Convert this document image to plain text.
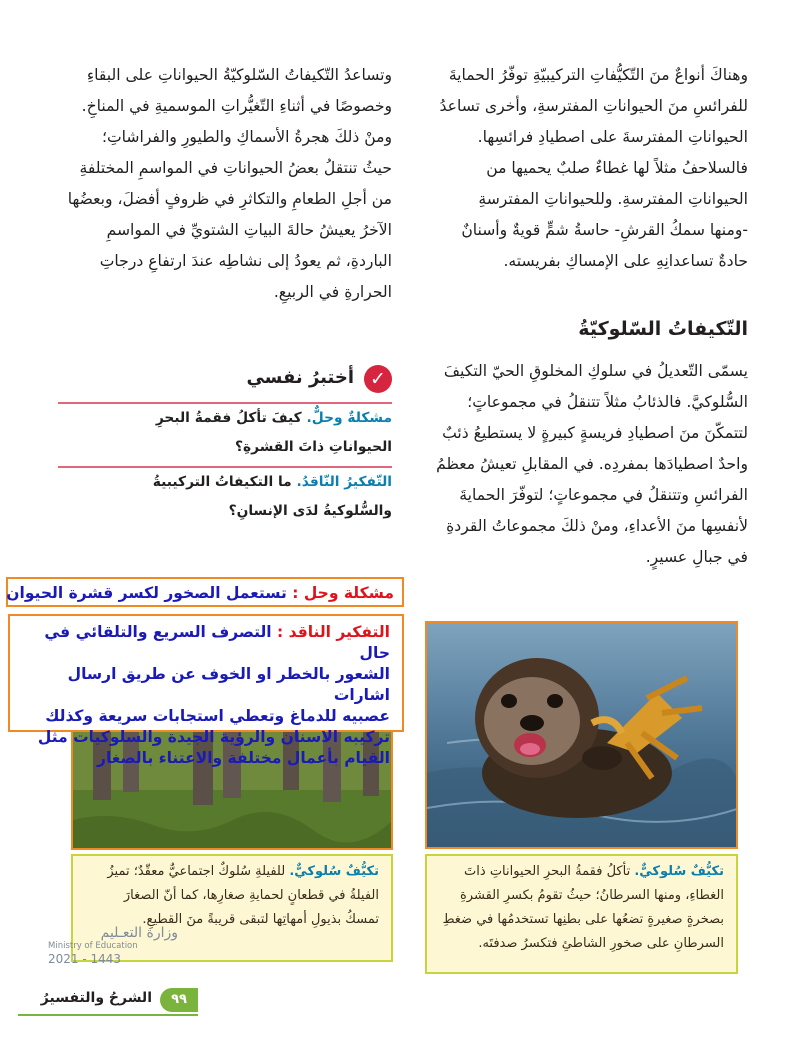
وهناكَ أنواعٌ منَ التّكيُّفاتِ التركيبيّةِ توفّرُ الحمايةَ

للفرائسِ منَ الحيواناتِ المفترسةِ، وأخرى تساعدُ

الحيواناتِ المفترسةَ على اصطيادِ فرائسِها.

فالسلاحفُ مثلاً لها غطاءٌ صلبٌ يحميها من

الحيواناتِ المفترسةِ. وللحيواناتِ المفترسةِ

-ومنها سمكُ القرشِ- حاسةُ شمٍّ قويةٌ وأسنانٌ

حادةٌ تساعدانِهِ على الإمساكِ بفريسته.

التّكيفاتُ السّلوكيّةُ

يسمّى التّعديلُ في سلوكِ المخلوقِ الحيّ التكيفَ

السُّلوكيَّ. فالذئابُ مثلاً تتنقلُ في مجموعاتٍ؛

لتتمكّنَ منَ اصطيادِ فريسةٍ كبيرةٍ لا يستطيعُ ذئبٌ

واحدٌ اصطيادَها بمفردِه. في المقابلِ تعيشُ معظمُ

الفرائسِ وتتنقلُ في مجموعاتٍ؛ لتوفّرَ الحمايةَ

لأنفسِها منَ الأعداءِ، ومنْ ذلكَ مجموعاتُ القردةِ

في جبالِ عسيرٍ.

وتساعدُ التّكيفاتُ السّلوكيّةُ الحيواناتِ على البقاءِ

وخصوصًا في أثناءِ التّغيُّراتِ الموسميةِ في المناخِ.

ومنْ ذلكَ هجرةُ الأسماكِ والطيورِ والفراشاتِ؛

حيثُ تنتقلُ بعضُ الحيواناتِ في المواسمِ المختلفةِ

من أجلِ الطعامِ والتكاثرِ في ظروفٍ أفضلَ، وبعضُها

الآخرُ يعيشُ حالةَ البياتِ الشتويِّ في المواسمِ

الباردةِ، ثم يعودُ إلى نشاطِه عندَ ارتفاعِ درجاتِ

الحرارةِ في الربيعِ.

✓
أختبرُ نفسي
مشكلةٌ وحلٌّ. كيفَ تأكلُ فقمةُ البحرِ
الحيواناتِ ذاتَ القشرةِ؟
التّفكيرُ النّاقدُ. ما التكيفاتُ التركيبيةُ
والسُّلوكيةُ لدَى الإنسانِ؟
مشكلة وحل : تستعمل الصخور لكسر قشرة الحيوان
التفكير الناقد : التصرف السريع والتلقائي في حال
الشعور بالخطر او الخوف عن طريق ارسال اشارات
عصبيه للدماغ وتعطي استجابات سريعة وكذلك
تركيبه الاسنان والرؤية الجيدة والسلوكيات مثل
القيام بأعمال مختلفة والاعتناء بالصغار
تكيُّفٌ سُلوكيٌّ. تأكلُ فقمةُ البحرِ الحيواناتِ ذاتَ
الغطاءِ، ومنها السرطانُ؛ حيثُ تقومُ بكسرِ القشرةِ
بصخرةٍ صغيرةٍ تضعُها على بطنِها تستخدمُها في ضغطِ
السرطانِ على صخورِ الشاطئِ فتكسرُ صدفتَه.
تكيُّفٌ سُلوكيٌّ. للفيلةِ سُلوكٌ اجتماعيٌّ معقّدٌ؛ تميزُ
الفيلةُ في قطعانٍ لحمايةِ صغارِها، كما أنّ الصغارَ
تمسكُ بذيولِ أمهاتِها لتبقى قريبةً منَ القطيعِ.
وزارة التعـليم
Ministry of Education
2021 - 1443
٩٩
الشرحُ والتفسيرُ
